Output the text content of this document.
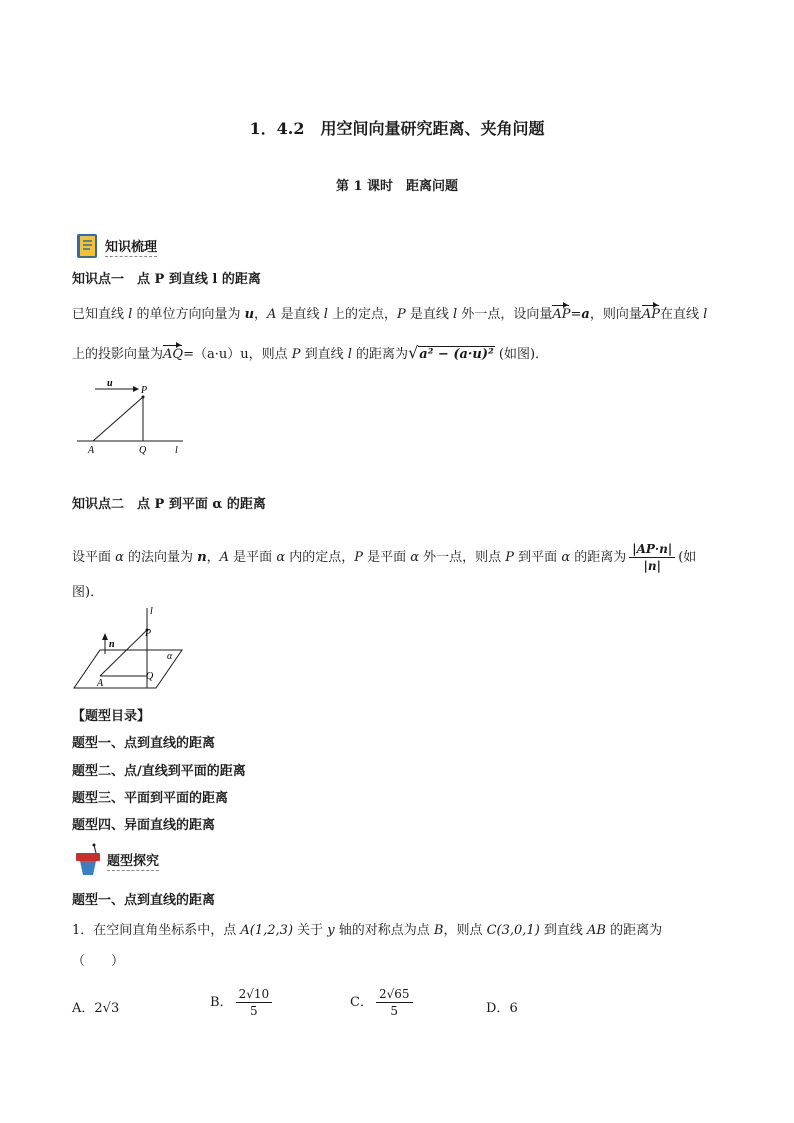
1．4.2　用空间向量研究距离、夹角问题
第 1 课时　距离问题
知识梳理
知识点一　点 P 到直线 l 的距离
已知直线 l 的单位方向向量为 u，A 是直线 l 上的定点，P 是直线 l 外一点，设向量AP=a，则向量AP在直线 l
上的投影向量为AQ=（a·u）u，则点 P 到直线 l 的距离为√a² − (a·u)² (如图)．
u
P
A	Q	l
知识点二　点 P 到平面 α 的距离
设平面 α 的法向量为 n，A 是平面 α 内的定点，P 是平面 α 外一点，则点 P 到平面 α 的距离为 $\frac{|AP\cdot n|}{|n|}$ (如
图)．
l
n
P
α
A
Q
【题型目录】
题型一、点到直线的距离
题型二、点/直线到平面的距离
题型三、平面到平面的距离
题型四、异面直线的距离
题型探究
题型一、点到直线的距离
1．在空间直角坐标系中，点 A(1,2,3) 关于 y 轴的对称点为点 B，则点 C(3,0,1) 到直线 AB 的距离为
（　　）
A．2√3	B． $\frac{2√10}{5}$	C． $\frac{2√65}{5}$	D．6
